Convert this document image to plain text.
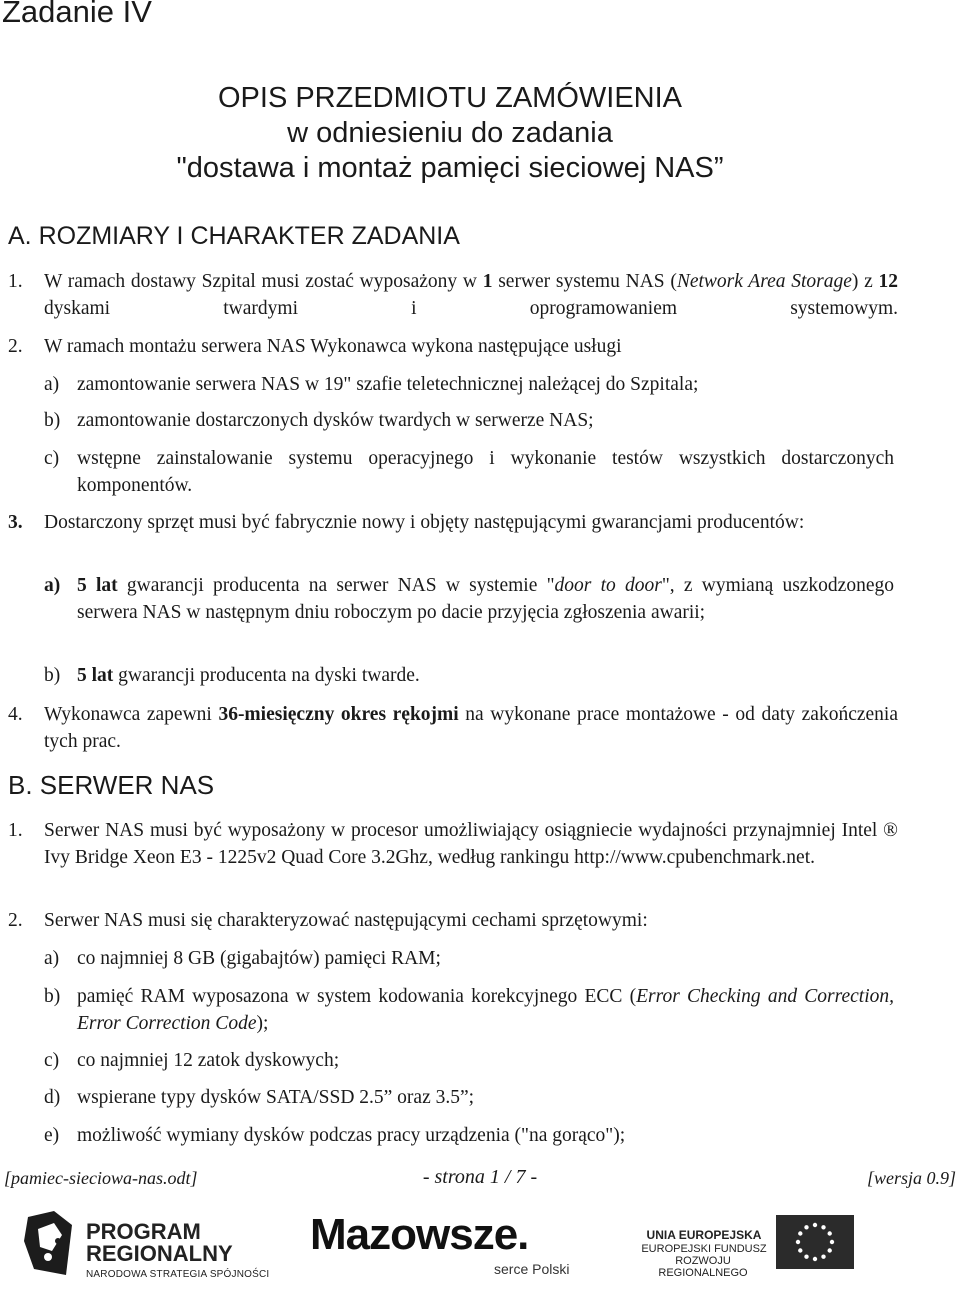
Zadanie IV
OPIS PRZEDMIOTU ZAMÓWIENIA
w odniesieniu do zadania
"dostawa i montaż pamięci sieciowej NAS”
A. ROZMIARY I CHARAKTER ZADANIA
1.	W ramach dostawy Szpital musi zostać wyposażony w 1 serwer systemu NAS (Network Area Storage) z 12 dyskami twardymi i oprogramowaniem systemowym.
2.	W ramach montażu serwera NAS Wykonawca wykona następujące usługi
a) zamontowanie serwera NAS w 19" szafie teletechnicznej należącej do Szpitala;
b) zamontowanie dostarczonych dysków twardych w serwerze NAS;
c) wstępne zainstalowanie systemu operacyjnego i wykonanie testów wszystkich dostarczonych komponentów.
3.	Dostarczony sprzęt musi być fabrycznie nowy i objęty następującymi gwarancjami producentów:
a) 5 lat gwarancji producenta na serwer NAS w systemie "door to door", z wymianą uszkodzonego serwera NAS w następnym dniu roboczym po dacie przyjęcia zgłoszenia awarii;
b) 5 lat gwarancji producenta na dyski twarde.
4.	Wykonawca zapewni 36-miesięczny okres rękojmi na wykonane prace montażowe - od daty zakończenia tych prac.
B. SERWER NAS
1.	Serwer NAS musi być wyposażony w procesor umożliwiający osiągniecie wydajności przynajmniej Intel ® Ivy Bridge Xeon E3 - 1225v2 Quad Core 3.2Ghz, według rankingu http://www.cpubenchmark.net.
2.	Serwer NAS musi się charakteryzować następującymi cechami sprzętowymi:
a) co najmniej 8 GB (gigabajtów) pamięci RAM;
b) pamięć RAM wyposazona w system kodowania korekcyjnego ECC (Error Checking and Correction, Error Correction Code);
c) co najmniej 12 zatok dyskowych;
d) wspierane typy dysków SATA/SSD 2.5” oraz 3.5”;
e) możliwość wymiany dysków podczas pracy urządzenia ("na gorąco");
[pamiec-sieciowa-nas.odt]	- strona 1 / 7 -	[wersja 0.9]
PROGRAM
REGIONALNY
NARODOWA STRATEGIA SPÓJNOŚCI
Mazowsze.
serce Polski
UNIA EUROPEJSKA
EUROPEJSKI FUNDUSZ
ROZWOJU REGIONALNEGO
